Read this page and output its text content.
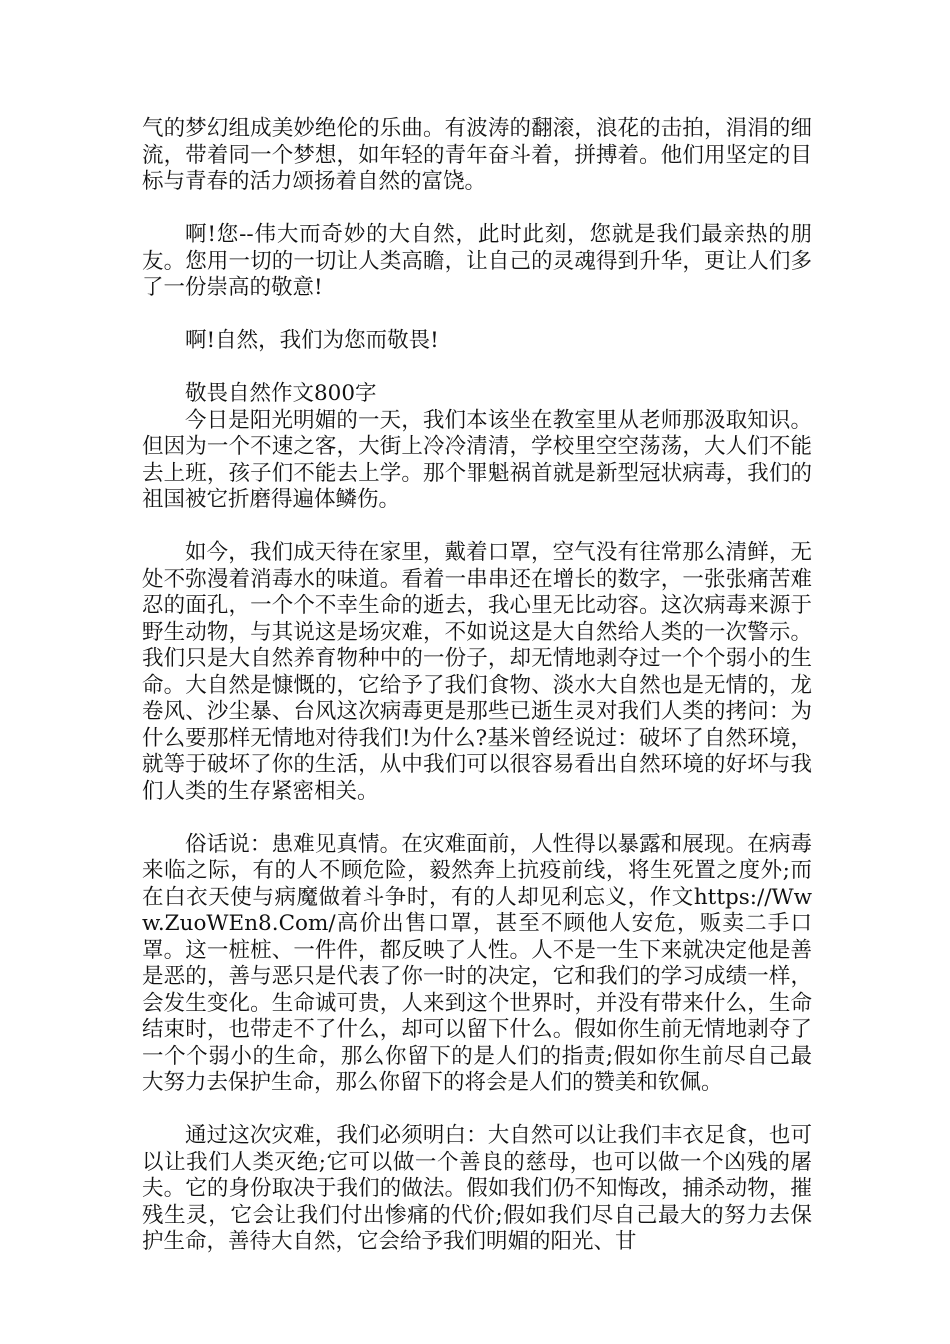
气的梦幻组成美妙绝伦的乐曲。有波涛的翻滚，浪花的击拍，涓涓的细流，带着同一个梦想，如年轻的青年奋斗着，拼搏着。他们用坚定的目标与青春的活力颂扬着自然的富饶。

啊!您--伟大而奇妙的大自然，此时此刻，您就是我们最亲热的朋友。您用一切的一切让人类高瞻，让自己的灵魂得到升华，更让人们多了一份崇高的敬意!

啊!自然，我们为您而敬畏!

敬畏自然作文800字

今日是阳光明媚的一天，我们本该坐在教室里从老师那汲取知识。但因为一个不速之客，大街上冷冷清清，学校里空空荡荡，大人们不能去上班，孩子们不能去上学。那个罪魁祸首就是新型冠状病毒，我们的祖国被它折磨得遍体鳞伤。

如今，我们成天待在家里，戴着口罩，空气没有往常那么清鲜，无处不弥漫着消毒水的味道。看着一串串还在增长的数字，一张张痛苦难忍的面孔，一个个不幸生命的逝去，我心里无比动容。这次病毒来源于野生动物，与其说这是场灾难，不如说这是大自然给人类的一次警示。我们只是大自然养育物种中的一份子，却无情地剥夺过一个个弱小的生命。大自然是慷慨的，它给予了我们食物、淡水大自然也是无情的，龙卷风、沙尘暴、台风这次病毒更是那些已逝生灵对我们人类的拷问：为什么要那样无情地对待我们!为什么?基米曾经说过：破坏了自然环境，就等于破坏了你的生活，从中我们可以很容易看出自然环境的好坏与我们人类的生存紧密相关。

俗话说：患难见真情。在灾难面前，人性得以暴露和展现。在病毒来临之际，有的人不顾危险，毅然奔上抗疫前线，将生死置之度外;而在白衣天使与病魔做着斗争时，有的人却见利忘义，作文https://Www.ZuoWEn8.Com/高价出售口罩，甚至不顾他人安危，贩卖二手口罩。这一桩桩、一件件，都反映了人性。人不是一生下来就决定他是善是恶的，善与恶只是代表了你一时的决定，它和我们的学习成绩一样，会发生变化。生命诚可贵，人来到这个世界时，并没有带来什么，生命结束时，也带走不了什么，却可以留下什么。假如你生前无情地剥夺了一个个弱小的生命，那么你留下的是人们的指责;假如你生前尽自己最大努力去保护生命，那么你留下的将会是人们的赞美和钦佩。

通过这次灾难，我们必须明白：大自然可以让我们丰衣足食，也可以让我们人类灭绝;它可以做一个善良的慈母，也可以做一个凶残的屠夫。它的身份取决于我们的做法。假如我们仍不知悔改，捕杀动物，摧残生灵，它会让我们付出惨痛的代价;假如我们尽自己最大的努力去保护生命，善待大自然，它会给予我们明媚的阳光、甘
